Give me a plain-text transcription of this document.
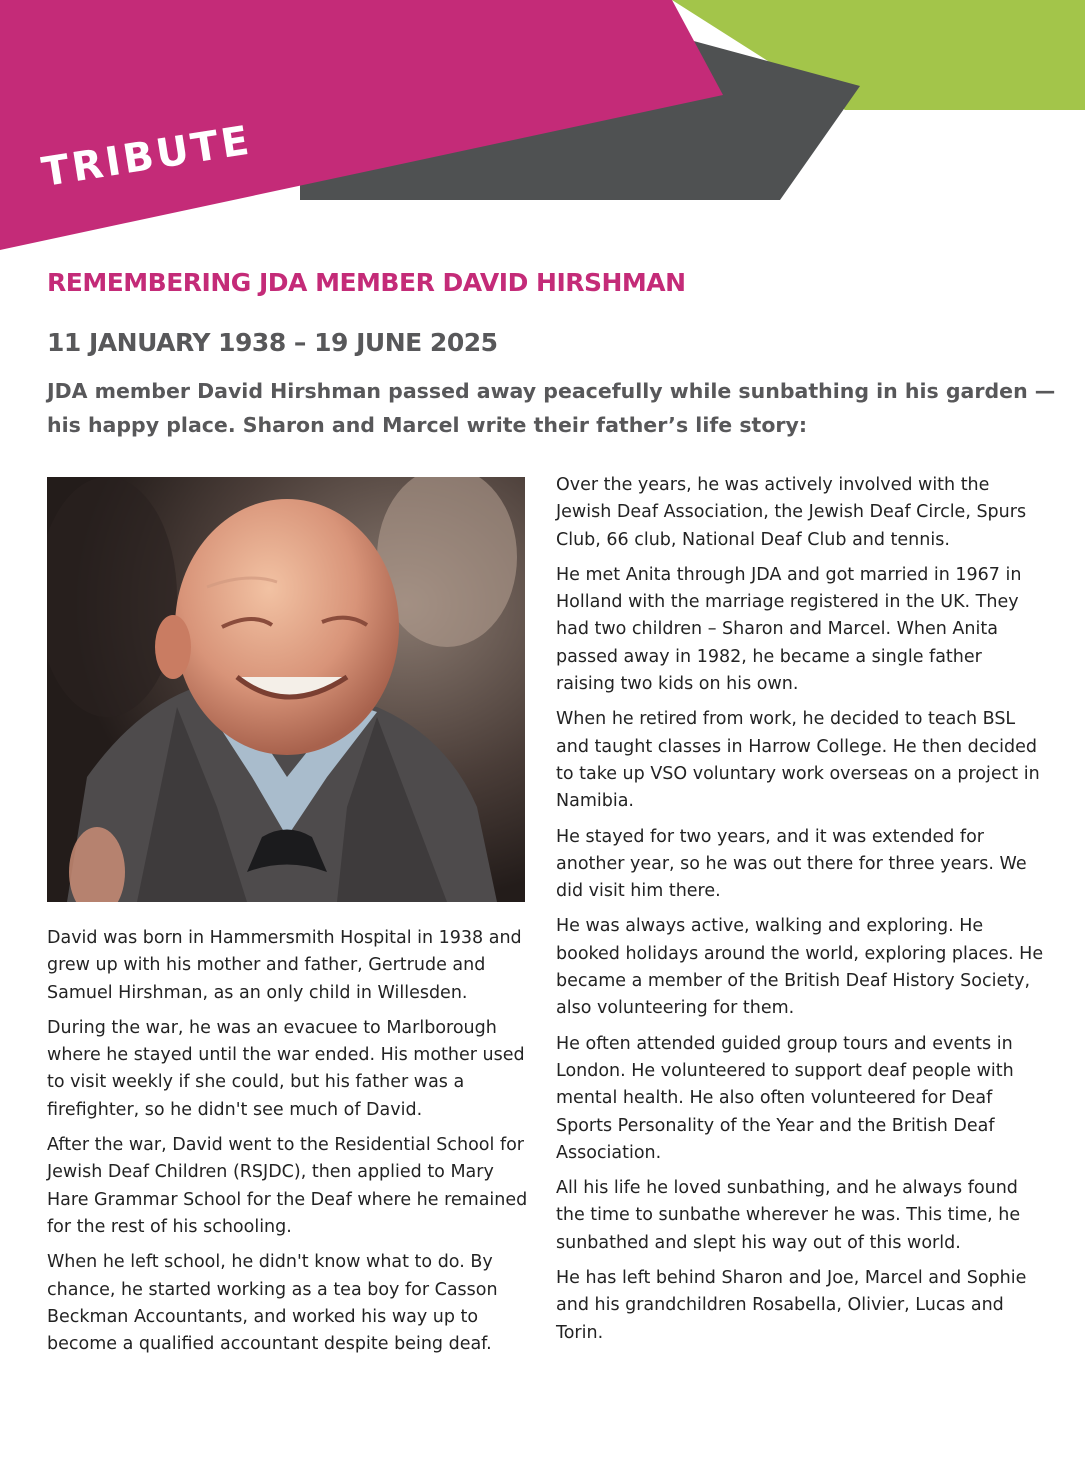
TRIBUTE
REMEMBERING JDA MEMBER DAVID HIRSHMAN
11 JANUARY 1938 – 19 JUNE 2025

JDA member David Hirshman passed away peacefully while sunbathing in his garden — his happy place. Sharon and Marcel write their father’s life story:

David was born in Hammersmith Hospital in 1938 and grew up with his mother and father, Gertrude and Samuel Hirshman, as an only child in Willesden.

During the war, he was an evacuee to Marlborough where he stayed until the war ended. His mother used to visit weekly if she could, but his father was a firefighter, so he didn't see much of David.

After the war, David went to the Residential School for Jewish Deaf Children (RSJDC), then applied to Mary Hare Grammar School for the Deaf where he remained for the rest of his schooling.

When he left school, he didn't know what to do. By chance, he started working as a tea boy for Casson Beckman Accountants, and worked his way up to become a qualified accountant despite being deaf.

Over the years, he was actively involved with the Jewish Deaf Association, the Jewish Deaf Circle, Spurs Club, 66 club, National Deaf Club and tennis.

He met Anita through JDA and got married in 1967 in Holland with the marriage registered in the UK. They had two children – Sharon and Marcel. When Anita passed away in 1982, he became a single father raising two kids on his own.

When he retired from work, he decided to teach BSL and taught classes in Harrow College. He then decided to take up VSO voluntary work overseas on a project in Namibia.

He stayed for two years, and it was extended for another year, so he was out there for three years. We did visit him there.

He was always active, walking and exploring. He booked holidays around the world, exploring places. He became a member of the British Deaf History Society, also volunteering for them.

He often attended guided group tours and events in London. He volunteered to support deaf people with mental health. He also often volunteered for Deaf Sports Personality of the Year and the British Deaf Association.

All his life he loved sunbathing, and he always found the time to sunbathe wherever he was. This time, he sunbathed and slept his way out of this world.

He has left behind Sharon and Joe, Marcel and Sophie and his grandchildren Rosabella, Olivier, Lucas and Torin.
